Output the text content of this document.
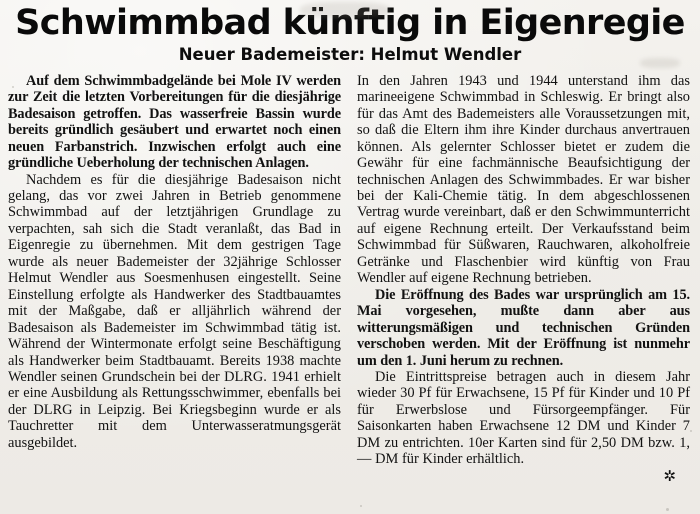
Schwimmbad künftig in Eigenregie
Neuer Bademeister: Helmut Wendler

Auf dem Schwimmbadgelände bei Mole IV werden zur Zeit die letzten Vorbereitungen für die diesjährige Badesaison getroffen. Das wasserfreie Bassin wurde bereits gründlich gesäubert und erwartet noch einen neuen Farbanstrich. Inzwischen erfolgt auch eine gründliche Ueberholung der technischen Anlagen.

Nachdem es für die diesjährige Badesaison nicht gelang, das vor zwei Jahren in Betrieb genommene Schwimmbad auf der letztjährigen Grundlage zu verpachten, sah sich die Stadt veranlaßt, das Bad in Eigenregie zu übernehmen. Mit dem gestrigen Tage wurde als neuer Bademeister der 32jährige Schlosser Helmut Wendler aus Soesmenhusen eingestellt. Seine Einstellung erfolgte als Handwerker des Stadtbauamtes mit der Maßgabe, daß er alljährlich während der Badesaison als Bademeister im Schwimmbad tätig ist. Während der Wintermonate erfolgt seine Beschäftigung als Handwerker beim Stadtbauamt. Bereits 1938 machte Wendler seinen Grundschein bei der DLRG. 1941 erhielt er eine Ausbildung als Rettungsschwimmer, ebenfalls bei der DLRG in Leipzig. Bei Kriegsbeginn wurde er als Tauchretter mit dem Unterwasseratmungsgerät ausgebildet.

In den Jahren 1943 und 1944 unterstand ihm das marineeigene Schwimmbad in Schleswig. Er bringt also für das Amt des Bademeisters alle Voraussetzungen mit, so daß die Eltern ihm ihre Kinder durchaus anvertrauen können. Als gelernter Schlosser bietet er zudem die Gewähr für eine fachmännische Beaufsichtigung der technischen Anlagen des Schwimmbades. Er war bisher bei der Kali-Chemie tätig. In dem abgeschlossenen Vertrag wurde vereinbart, daß er den Schwimmunterricht auf eigene Rechnung erteilt. Der Verkaufsstand beim Schwimmbad für Süßwaren, Rauchwaren, alkoholfreie Getränke und Flaschenbier wird künftig von Frau Wendler auf eigene Rechnung betrieben.

Die Eröffnung des Bades war ursprünglich am 15. Mai vorgesehen, mußte dann aber aus witterungsmäßigen und technischen Gründen verschoben werden. Mit der Eröffnung ist nunmehr um den 1. Juni herum zu rechnen.

Die Eintrittspreise betragen auch in diesem Jahr wieder 30 Pf für Erwachsene, 15 Pf für Kinder und 10 Pf für Erwerbslose und Fürsorgeempfänger. Für Saisonkarten haben Erwachsene 12 DM und Kinder 7 DM zu entrichten. 10er Karten sind für 2,50 DM bzw. 1,— DM für Kinder erhältlich.

✲
